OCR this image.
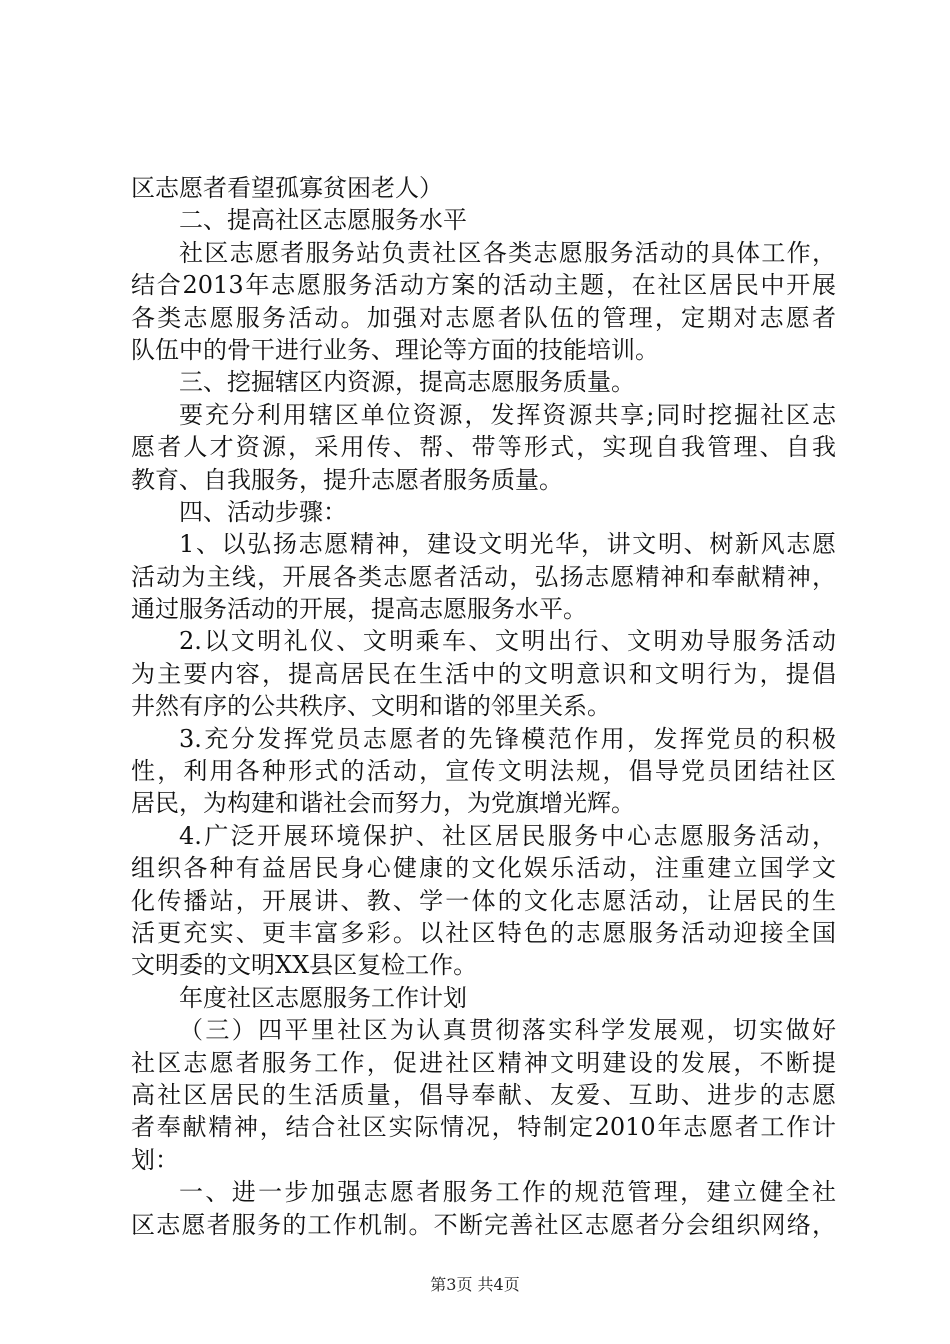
区志愿者看望孤寡贫困老人）
二、提高社区志愿服务水平
社区志愿者服务站负责社区各类志愿服务活动的具体工作，
结合2013年志愿服务活动方案的活动主题，在社区居民中开展
各类志愿服务活动。加强对志愿者队伍的管理，定期对志愿者
队伍中的骨干进行业务、理论等方面的技能培训。
三、挖掘辖区内资源，提高志愿服务质量。
要充分利用辖区单位资源，发挥资源共享;同时挖掘社区志
愿者人才资源，采用传、帮、带等形式，实现自我管理、自我
教育、自我服务，提升志愿者服务质量。
四、活动步骤：
1、以弘扬志愿精神，建设文明光华，讲文明、树新风志愿
活动为主线，开展各类志愿者活动，弘扬志愿精神和奉献精神，
通过服务活动的开展，提高志愿服务水平。
2.以文明礼仪、文明乘车、文明出行、文明劝导服务活动
为主要内容，提高居民在生活中的文明意识和文明行为，提倡
井然有序的公共秩序、文明和谐的邻里关系。
3.充分发挥党员志愿者的先锋模范作用，发挥党员的积极
性，利用各种形式的活动，宣传文明法规，倡导党员团结社区
居民，为构建和谐社会而努力，为党旗增光辉。
4.广泛开展环境保护、社区居民服务中心志愿服务活动，
组织各种有益居民身心健康的文化娱乐活动，注重建立国学文
化传播站，开展讲、教、学一体的文化志愿活动，让居民的生
活更充实、更丰富多彩。以社区特色的志愿服务活动迎接全国
文明委的文明XX县区复检工作。
年度社区志愿服务工作计划
（三）四平里社区为认真贯彻落实科学发展观，切实做好
社区志愿者服务工作，促进社区精神文明建设的发展，不断提
高社区居民的生活质量，倡导奉献、友爱、互助、进步的志愿
者奉献精神，结合社区实际情况，特制定2010年志愿者工作计
划：
一、进一步加强志愿者服务工作的规范管理，建立健全社
区志愿者服务的工作机制。不断完善社区志愿者分会组织网络，
第3页 共4页
